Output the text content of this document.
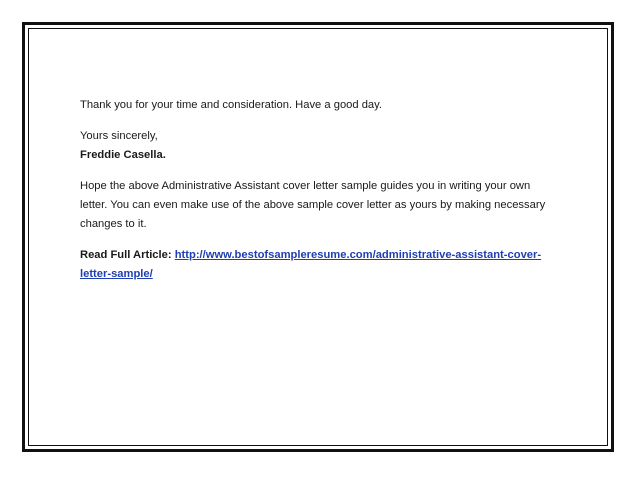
Thank you for your time and consideration. Have a good day.

Yours sincerely,
Freddie Casella.

Hope the above Administrative Assistant cover letter sample guides you in writing your own letter. You can even make use of the above sample cover letter as yours by making necessary changes to it.

Read Full Article: http://www.bestofsampleresume.com/administrative-assistant-cover-letter-sample/
